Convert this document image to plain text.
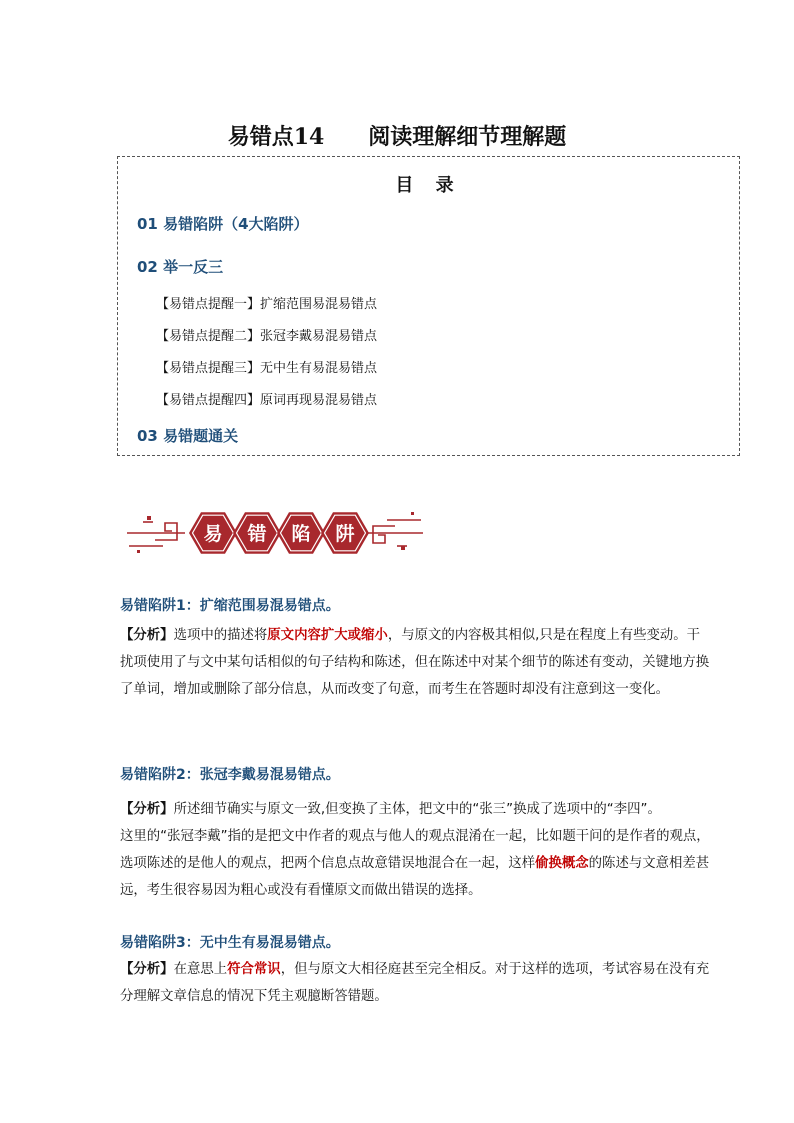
易错点14　　阅读理解细节理解题
目 录
01 易错陷阱（4大陷阱）
02 举一反三
【易错点提醒一】扩缩范围易混易错点
【易错点提醒二】张冠李戴易混易错点
【易错点提醒三】无中生有易混易错点
【易错点提醒四】原词再现易混易错点
03 易错题通关
易 错 陷 阱
易错陷阱1：扩缩范围易混易错点。
【分析】选项中的描述将原文内容扩大或缩小，与原文的内容极其相似,只是在程度上有些变动。干扰项使用了与文中某句话相似的句子结构和陈述，但在陈述中对某个细节的陈述有变动，关键地方换了单词，增加或删除了部分信息，从而改变了句意，而考生在答题时却没有注意到这一变化。
易错陷阱2：张冠李戴易混易错点。
【分析】所述细节确实与原文一致,但变换了主体，把文中的“张三”换成了选项中的“李四”。
这里的“张冠李戴”指的是把文中作者的观点与他人的观点混淆在一起，比如题干问的是作者的观点，选项陈述的是他人的观点，把两个信息点故意错误地混合在一起，这样偷换概念的陈述与文意相差甚远，考生很容易因为粗心或没有看懂原文而做出错误的选择。
易错陷阱3：无中生有易混易错点。
【分析】在意思上符合常识，但与原文大相径庭甚至完全相反。对于这样的选项，考试容易在没有充分理解文章信息的情况下凭主观臆断答错题。
